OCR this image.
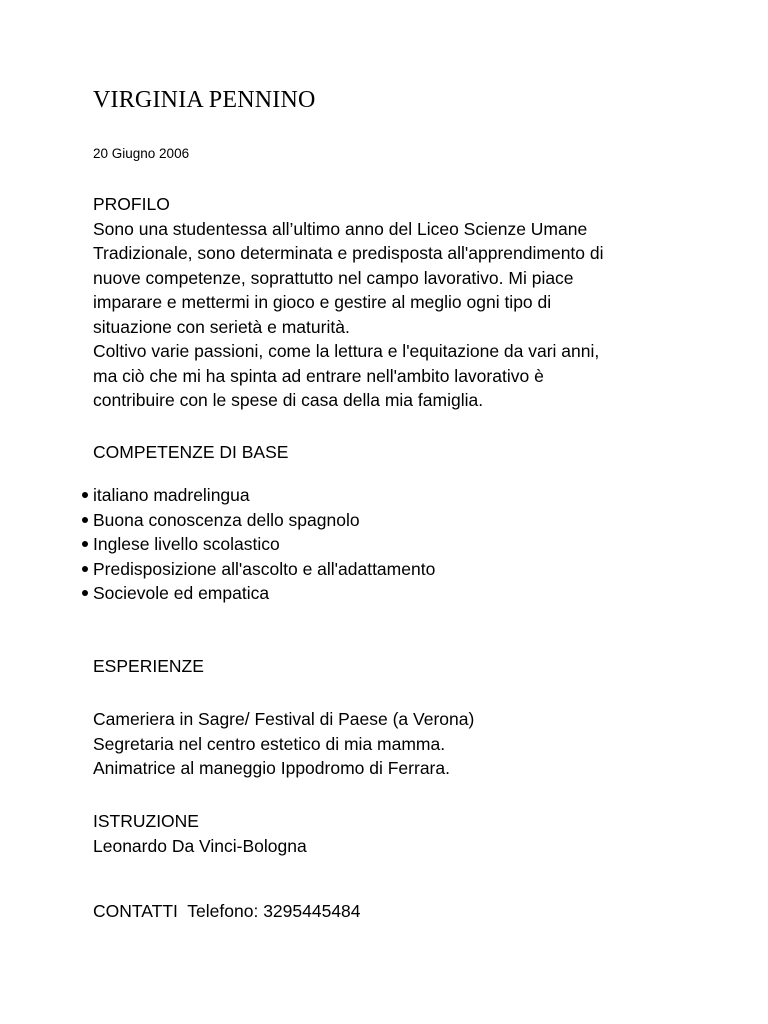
VIRGINIA PENNINO
20 Giugno 2006
PROFILO
Sono una studentessa all’ultimo anno del Liceo Scienze Umane
Tradizionale, sono determinata e predisposta all'apprendimento di
nuove competenze, soprattutto nel campo lavorativo. Mi piace
imparare e mettermi in gioco e gestire al meglio ogni tipo di
situazione con serietà e maturità.
Coltivo varie passioni, come la lettura e l'equitazione da vari anni,
ma ciò che mi ha spinta ad entrare nell'ambito lavorativo è
contribuire con le spese di casa della mia famiglia.
COMPETENZE DI BASE
italiano madrelingua
Buona conoscenza dello spagnolo
Inglese livello scolastico
Predisposizione all'ascolto e all'adattamento
Socievole ed empatica
ESPERIENZE
Cameriera in Sagre/ Festival di Paese (a Verona)
Segretaria nel centro estetico di mia mamma.
Animatrice al maneggio Ippodromo di Ferrara.
ISTRUZIONE
Leonardo Da Vinci-Bologna
CONTATTI  Telefono: 3295445484
